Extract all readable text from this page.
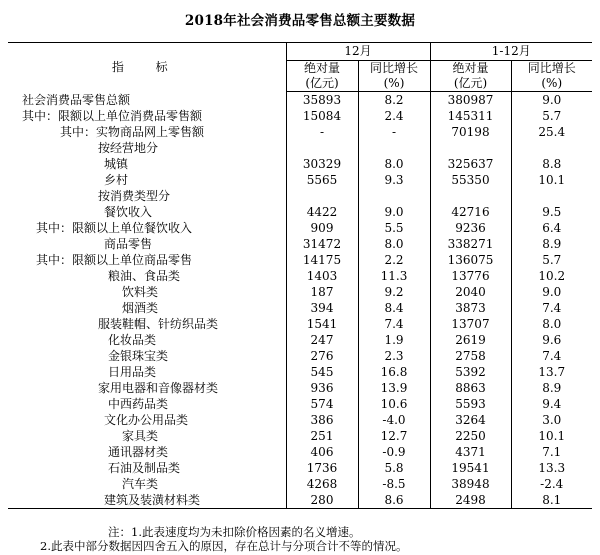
2018年社会消费品零售总额主要数据
指 标	12月		1-12月	
	绝对量	同比增长	绝对量	同比增长
	(亿元)	(%)	(亿元)	(%)
社会消费品零售总额	35893	8.2	380987	9.0
其中：限额以上单位消费品零售额	15084	2.4	145311	5.7
其中：实物商品网上零售额	-	-	70198	25.4
按经营地分				
城镇	30329	8.0	325637	8.8
乡村	5565	9.3	55350	10.1
按消费类型分				
餐饮收入	4422	9.0	42716	9.5
其中：限额以上单位餐饮收入	909	5.5	9236	6.4
商品零售	31472	8.0	338271	8.9
其中：限额以上单位商品零售	14175	2.2	136075	5.7
粮油、食品类	1403	11.3	13776	10.2
饮料类	187	9.2	2040	9.0
烟酒类	394	8.4	3873	7.4
服装鞋帽、针纺织品类	1541	7.4	13707	8.0
化妆品类	247	1.9	2619	9.6
金银珠宝类	276	2.3	2758	7.4
日用品类	545	16.8	5392	13.7
家用电器和音像器材类	936	13.9	8863	8.9
中西药品类	574	10.6	5593	9.4
文化办公用品类	386	-4.0	3264	3.0
家具类	251	12.7	2250	10.1
通讯器材类	406	-0.9	4371	7.1
石油及制品类	1736	5.8	19541	13.3
汽车类	4268	-8.5	38948	-2.4
建筑及装潢材料类	280	8.6	2498	8.1
注：1.此表速度均为未扣除价格因素的名义增速。
2.此表中部分数据因四舍五入的原因，存在总计与分项合计不等的情况。
